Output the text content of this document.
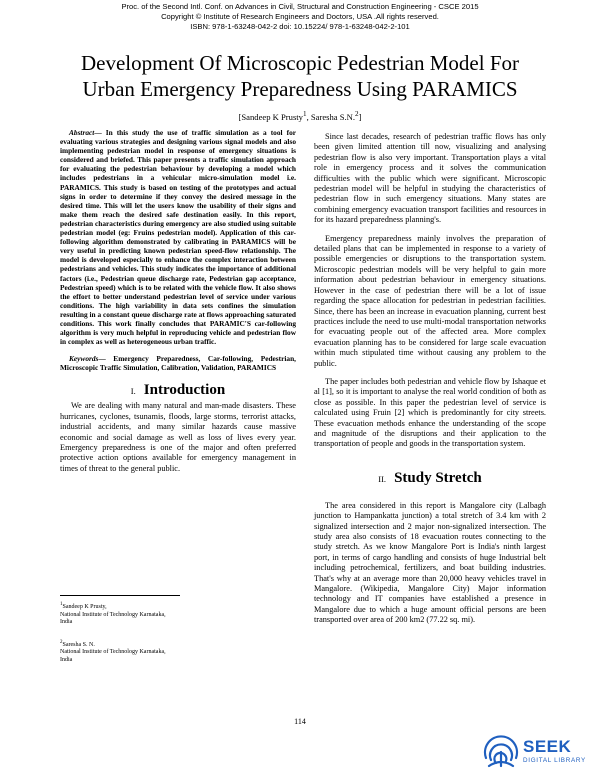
Proc. of the Second Intl. Conf. on Advances in Civil, Structural and Construction Engineering - CSCE 2015
Copyright © Institute of Research Engineers and Doctors, USA .All rights reserved.
ISBN: 978-1-63248-042-2 doi: 10.15224/ 978-1-63248-042-2-101
Development Of Microscopic Pedestrian Model For
Urban Emergency Preparedness Using PARAMICS
[Sandeep K Prusty$^1$, Saresha S.N.$^2$]

Abstract— In this study the use of traffic simulation as a tool for evaluating various strategies and designing various signal models and also implementing pedestrian model in response of emergency situations is considered and briefed. This paper presents a traffic simulation approach for evaluating the pedestrian behaviour by developing a model which includes pedestrians in a vehicular micro-simulation model i.e. PARAMICS. This study is based on testing of the prototypes and actual signs in order to determine if they convey the desired message in the desired time. This will let the users know the usability of their signs and make them reach the desired safe destination easily. In this report, pedestrian characteristics during emergency are also studied using suitable pedestrian model (eg: Fruins pedestrian model). Application of this car-following algorithm demonstrated by calibrating in PARAMICS will be very useful in predicting known pedestrian speed-flow relationship. The model is developed especially to enhance the complex interaction between pedestrians and vehicles. This study indicates the importance of additional factors (i.e., Pedestrian queue discharge rate, Pedestrian gap acceptance, Pedestrian speed) which is to be related with the vehicle flow. It also shows the effort to better understand pedestrian level of service under various conditions. The high variability in data sets confines the simulation resulting in a constant queue discharge rate at flows approaching saturated conditions. This work finally concludes that PARAMIC'S car-following algorithm is very much helpful in reproducing vehicle and pedestrian flow in complex as well as heterogeneous urban traffic.

Keywords— Emergency Preparedness, Car-following, Pedestrian, Microscopic Traffic Simulation, Calibration, Validation, PARAMICS

I. Introduction

We are dealing with many natural and man-made disasters. These hurricanes, cyclones, tsunamis, floods, large storms, terrorist attacks, industrial accidents, and many similar hazards cause massive economic and social damage as well as loss of lives every year. Emergency preparedness is one of the major and often preferred protective action options available for emergency management in times of threat to the general public.

$^1$Sandeep K Prusty,
National Institute of Technology Karnataka,
India
$^2$Saresha S. N.
National Institute of Technology Karnataka,
India

Since last decades, research of pedestrian traffic flows has only been given limited attention till now, visualizing and analysing pedestrian flow is also very important. Transportation plays a vital role in emergency process and it solves the communication difficulties with the public which were significant. Microscopic pedestrian model will be helpful in studying the characteristics of pedestrian flow in such emergency situations. Many states are combining emergency evacuation transport facilities and resources in for its hazard preparedness planning's.

Emergency preparedness mainly involves the preparation of detailed plans that can be implemented in response to a variety of possible emergencies or disruptions to the transportation system. Microscopic pedestrian models will be very helpful to gain more information about pedestrian behaviour in emergency situations. However in the case of pedestrian there will be a lot of issue regarding the space allocation for pedestrian in pedestrian facilities. Since, there has been an increase in evacuation planning, current best practices include the need to use multi-modal transportation networks for evacuating people out of the affected area. More complex evacuation planning has to be considered for large scale evacuation within much stipulated time without causing any problem to the public.

The paper includes both pedestrian and vehicle flow by Ishaque et al [1], so it is important to analyse the real world condition of both as close as possible. In this paper the pedestrian level of service is calculated using Fruin [2] which is predominantly for city streets. These evacuation methods enhance the understanding of the scope and magnitude of the disruptions and their application to the transportation of people and goods in the transportation system.

II. Study Stretch

The area considered in this report is Mangalore city (Lalbagh junction to Hampankatta junction) a total stretch of 3.4 km with 2 signalized intersection and 2 major non-signalized intersection. The study area also consists of 18 evacuation routes connecting to the study stretch. As we know Mangalore Port is India's ninth largest port, in terms of cargo handling and consists of huge Industrial belt including petrochemical, fertilizers, and boat building industries. That's why at an average more than 20,000 heavy vehicles travel in Mangalore. (Wikipedia, Mangalore City) Major information technology and IT companies have established a presence in Mangalore due to which a huge amount official persons are been transported over area of 200 km2 (77.22 sq. mi).

114
SEEK
DIGITAL LIBRARY
